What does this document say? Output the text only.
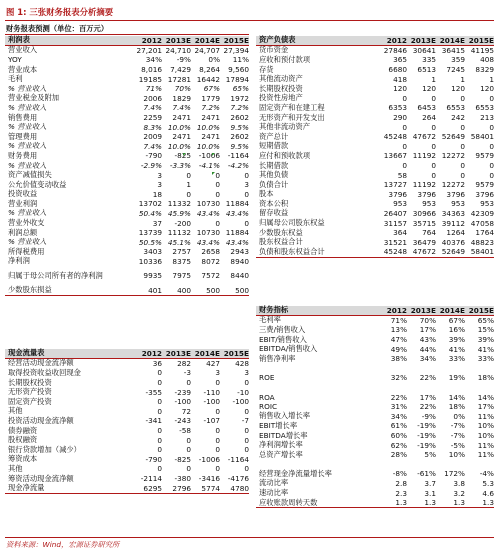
图 1: 三张财务报表分析摘要
财务报表预测（单位：百万元）
利润表	2012 2013E 2014E 2015E
营业收入	27,201 24,710 24,707 27,394
YOY	34%	-9%	0%	11%
营业成本	8,016	7,429	8,264	9,560
毛利	19185 17281 16442 17894
% 营业收入	71%	70%	67%	65%
营业税金及附加	2006	1829	1779	1972
% 营业收入	7.4%	7.4%	7.2%	7.2%
销售费用	2259	2471	2471	2602
% 营业收入	8.3% 10.0% 10.0%	9.5%
管理费用	2009	2471	2471	2602
% 营业收入	7.4% 10.0% 10.0%	9.5%
财务费用	-790	-825	-1006	-1164
% 营业收入	-2.9%	-3.3%	-4.1%	-4.2%
资产减值损失	3	0	0	0
公允价值变动收益	3	1	0	3
投资收益	18	0	0	0
营业利润	13702 11332 10730 11884
% 营业收入	50.4% 45.9% 43.4% 43.4%
营业外收支	37	-200	0	0
利润总额	13739 11132 10730 11884
% 营业收入	50.5% 45.1% 43.4% 43.4%
所得税费用	3403	2757	2658	2943
净利润	10336	8375	8072	8940
归属于母公司所有者的净利润	9935	7975	7572	8440
少数股东损益	401	400	500	500
现金流量表	2012 2013E 2014E 2015E
经营活动现金流净额	36	282	427	428
取得投资收益收回现金	0	-3	3	3
长期股权投资	0	0	0	0
无形资产投资	-355	-239	-110	-10
固定资产投资	0	-100	-100	-100
其他	0	72	0	0
投资活动现金流净额	-341	-243	-107	-7
债券融资	0	-58	0	0
股权融资	0	0	0	0
银行贷款增加（减少）	0	0	0	0
筹资成本	-790	-825	-1006	-1164
其他	0	0	0	0
筹资活动现金流净额	-2114	-380	-3416	-4176
现金净流量	6295	2796	5774	4780
资产负债表	2012 2013E 2014E 2015E
货币资金	27846 30641 36415 41195
应收和预付款项	365	335	359	408
存货	6680	6513	7245	8329
其他流动资产	418	1	1	1
长期股权投资	120	120	120	120
投资性房地产	0	0	0	0
固定资产和在建工程	6353	6453	6553	6553
无形资产和开发支出	290	264	242	213
其他非流动资产	0	0	0	0
资产总计	45248 47672 52649 58401
短期借款	0	0	0	0
应付和预收款项	13667 11192 12272	9579
长期借款	0	0	0	0
其他负债	58	0	0	0
负债合计	13727 11192 12272	9579
股本	3796	3796	3796	3796
资本公积	953	953	953	953
留存收益	26407 30966 34363 42309
归属母公司股东权益	31157 35715 39112 47058
少数股东权益	364	764	1264	1764
股东权益合计	31521 36479 40376 48823
负债和股东权益合计	45248 47672 52649 58401
财务指标	2012 2013E 2014E 2015E
毛利率	71%	70%	67%	65%
三费/销售收入	13%	17%	16%	15%
EBIT/销售收入	47%	43%	39%	39%
EBITDA/销售收入	49%	44%	41%	41%
销售净利率	38%	34%	33%	33%
ROE	32%	22%	19%	18%
ROA	22%	17%	14%	14%
ROIC	31%	22%	18%	17%
销售收入增长率	34%	-9%	0%	11%
EBIT增长率	61%	-19%	-7%	10%
EBITDA增长率	60%	-19%	-7%	10%
净利润增长率	62%	-19%	-5%	11%
总资产增长率	28%	5%	10%	11%
经营现金净流量增长率	-8%	-61%	172%	-4%
流动比率	2.8	3.7	3.8	5.3
速动比率	2.3	3.1	3.2	4.6
应收账款周转天数	1.3	1.3	1.3	1.3
资料来源：Wind，宏源证券研究所
